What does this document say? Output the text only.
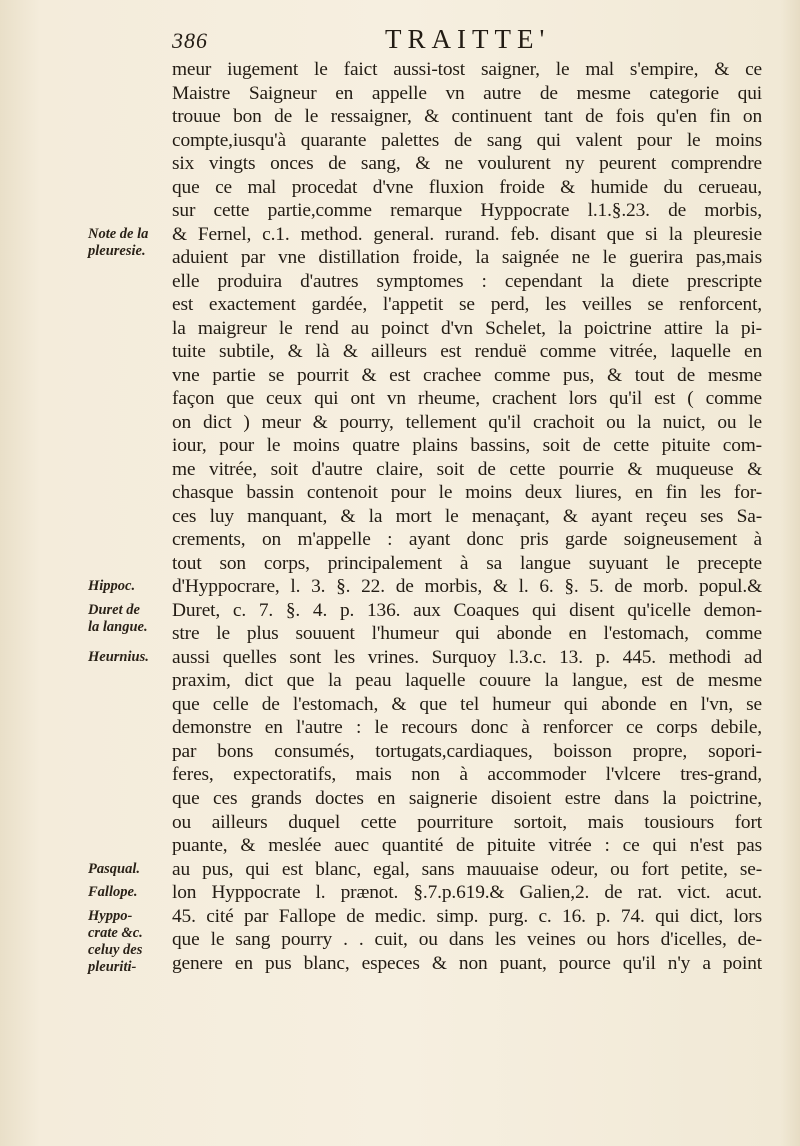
386	TRAITTE'
Note de la
pleuresie.
Hippoc.
Duret de
la langue.
Heurnius.
Pasqual.
Fallope.
Hyppo-
crate &c.
celuy des
pleuriti-
meur iugement le faict aussi-tost saigner, le mal s'empire, & ce
Maistre Saigneur en appelle vn autre de mesme categorie qui
trouue bon de le ressaigner, & continuent tant de fois qu'en fin on
compte,iusqu'à quarante palettes de sang qui valent pour le moins
six vingts onces de sang, & ne voulurent ny peurent comprendre
que ce mal procedat d'vne fluxion froide & humide du cerueau,
sur cette partie,comme remarque Hyppocrate l.1.§.23. de morbis,
& Fernel, c.1. method. general. rurand. feb. disant que si la pleuresie
aduient par vne distillation froide, la saignée ne le guerira pas,mais
elle produira d'autres symptomes : cependant la diete prescripte
est exactement gardée, l'appetit se perd, les veilles se renforcent,
la maigreur le rend au poinct d'vn Schelet, la poictrine attire la pi-
tuite subtile, & là & ailleurs est renduë comme vitrée, laquelle en
vne partie se pourrit & est crachee comme pus, & tout de mesme
façon que ceux qui ont vn rheume, crachent lors qu'il est ( comme
on dict ) meur & pourry, tellement qu'il crachoit ou la nuict, ou le
iour, pour le moins quatre plains bassins, soit de cette pituite com-
me vitrée, soit d'autre claire, soit de cette pourrie & muqueuse &
chasque bassin contenoit pour le moins deux liures, en fin les for-
ces luy manquant, & la mort le menaçant, & ayant reçeu ses Sa-
crements, on m'appelle : ayant donc pris garde soigneusement à
tout son corps, principalement à sa langue suyuant le precepte
d'Hyppocrare, l. 3. §. 22. de morbis, & l. 6. §. 5. de morb. popul.&
Duret, c. 7. §. 4. p. 136. aux Coaques qui disent qu'icelle demon-
stre le plus souuent l'humeur qui abonde en l'estomach, comme
aussi quelles sont les vrines. Surquoy l.3.c. 13. p. 445. methodi ad
praxim, dict que la peau laquelle couure la langue, est de mesme
que celle de l'estomach, & que tel humeur qui abonde en l'vn, se
demonstre en l'autre : le recours donc à renforcer ce corps debile,
par bons consumés, tortugats,cardiaques, boisson propre, sopori-
feres, expectoratifs, mais non à accommoder l'vlcere tres-grand,
que ces grands doctes en saignerie disoient estre dans la poictrine,
ou ailleurs duquel cette pourriture sortoit, mais tousiours fort
puante, & meslée auec quantité de pituite vitrée : ce qui n'est pas
au pus, qui est blanc, egal, sans mauuaise odeur, ou fort petite, se-
lon Hyppocrate l. prænot. §.7.p.619.& Galien,2. de rat. vict. acut.
45. cité par Fallope de medic. simp. purg. c. 16. p. 74. qui dict, lors
que le sang pourry . . cuit, ou dans les veines ou hors d'icelles, de-
genere en pus blanc, especes & non puant, pource qu'il n'y a point
